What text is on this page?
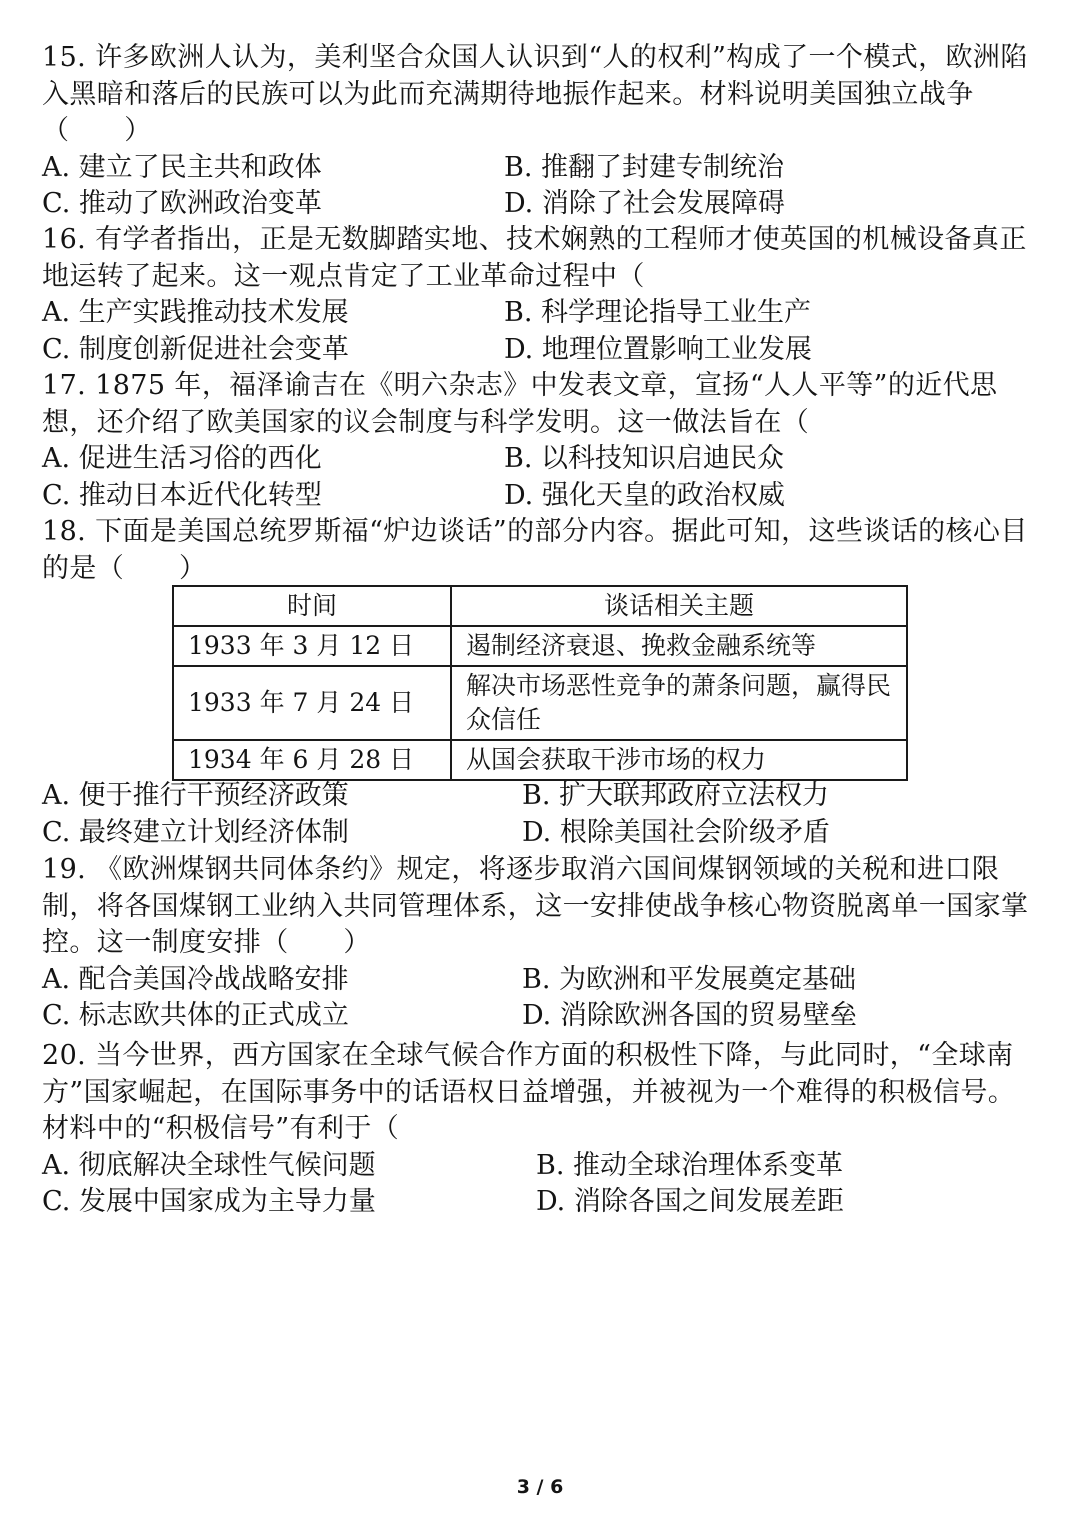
15. 许多欧洲人认为，美利坚合众国人认识到“人的权利”构成了一个模式，欧洲陷入黑暗和落后的民族可以为此而充满期待地振作起来。材料说明美国独立战争（　　）

A. 建立了民主共和政体	B. 推翻了封建专制统治
C. 推动了欧洲政治变革	D. 消除了社会发展障碍

16. 有学者指出，正是无数脚踏实地、技术娴熟的工程师才使英国的机械设备真正地运转了起来。这一观点肯定了工业革命过程中（

A. 生产实践推动技术发展	B. 科学理论指导工业生产
C. 制度创新促进社会变革	D. 地理位置影响工业发展

17. 1875 年，福泽谕吉在《明六杂志》中发表文章，宣扬“人人平等”的近代思想，还介绍了欧美国家的议会制度与科学发明。这一做法旨在（

A. 促进生活习俗的西化	B. 以科技知识启迪民众
C. 推动日本近代化转型	D. 强化天皇的政治权威

18. 下面是美国总统罗斯福“炉边谈话”的部分内容。据此可知，这些谈话的核心目的是（　　）

时间	谈话相关主题
1933 年 3 月 12 日	遏制经济衰退、挽救金融系统等
1933 年 7 月 24 日	解决市场恶性竞争的萧条问题，赢得民众信任
1934 年 6 月 28 日	从国会获取干涉市场的权力
A. 便于推行干预经济政策	B. 扩大联邦政府立法权力
C. 最终建立计划经济体制	D. 根除美国社会阶级矛盾

19. 《欧洲煤钢共同体条约》规定，将逐步取消六国间煤钢领域的关税和进口限制，将各国煤钢工业纳入共同管理体系，这一安排使战争核心物资脱离单一国家掌控。这一制度安排（　　）

A. 配合美国冷战战略安排	B. 为欧洲和平发展奠定基础
C. 标志欧共体的正式成立	D. 消除欧洲各国的贸易壁垒

20. 当今世界，西方国家在全球气候合作方面的积极性下降，与此同时，“全球南方”国家崛起，在国际事务中的话语权日益增强，并被视为一个难得的积极信号。材料中的“积极信号”有利于（

A. 彻底解决全球性气候问题	B. 推动全球治理体系变革
C. 发展中国家成为主导力量	D. 消除各国之间发展差距
3 / 6
